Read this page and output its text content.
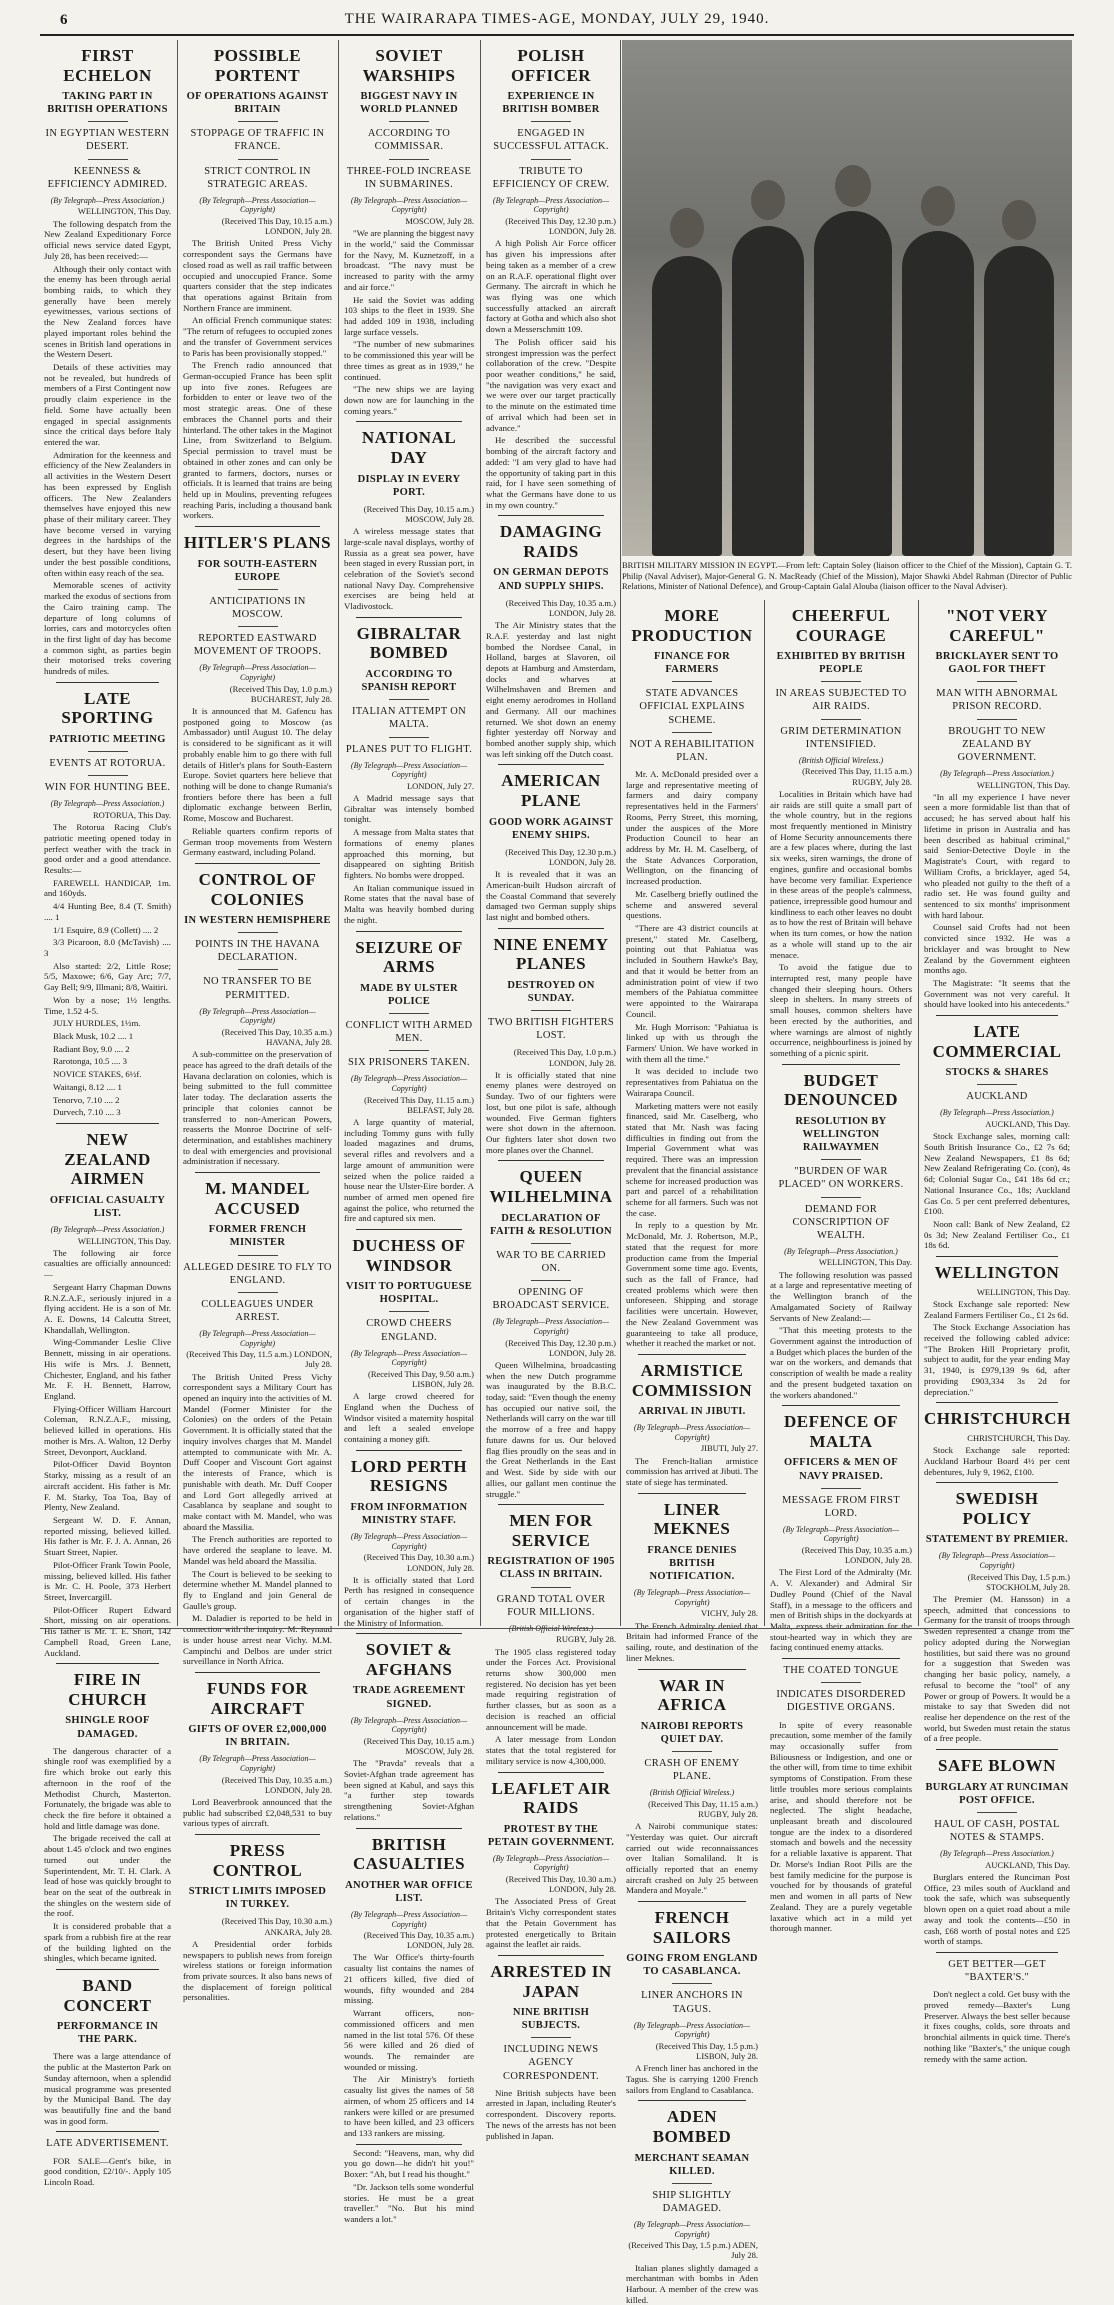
6	THE WAIRARAPA TIMES-AGE, MONDAY, JULY 29, 1940.
FIRST ECHELON
TAKING PART IN BRITISH OPERATIONS
IN EGYPTIAN WESTERN DESERT.
KEENNESS & EFFICIENCY ADMIRED.
(By Telegraph—Press Association.)
WELLINGTON, This Day.

The following despatch from the New Zealand Expeditionary Force official news service dated Egypt, July 28, has been received:—

Although their only contact with the enemy has been through aerial bombing raids, to which they generally have been merely eyewitnesses, various sections of the New Zealand forces have played important roles behind the scenes in British land operations in the Western Desert.

Details of these activities may not be revealed, but hundreds of members of a First Contingent now proudly claim experience in the field. Some have actually been engaged in special assignments since the critical days before Italy entered the war.

Admiration for the keenness and efficiency of the New Zealanders in all activities in the Western Desert has been expressed by English officers. The New Zealanders themselves have enjoyed this new phase of their military career. They have become versed in varying degrees in the hardships of the desert, but they have been living under the best possible conditions, often within easy reach of the sea.

Memorable scenes of activity marked the exodus of sections from the Cairo training camp. The departure of long columns of lorries, cars and motorcycles often in the first light of day has become a common sight, as parties begin their motorised treks covering hundreds of miles.

LATE SPORTING
PATRIOTIC MEETING
EVENTS AT ROTORUA.
WIN FOR HUNTING BEE.
(By Telegraph—Press Association.)
ROTORUA, This Day.

The Rotorua Racing Club's patriotic meeting opened today in perfect weather with the track in good order and a good attendance. Results:—

FAREWELL HANDICAP, 1m. and 160yds.

4/4 Hunting Bee, 8.4 (T. Smith) .... 1

1/1 Esquire, 8.9 (Collett) .... 2

3/3 Picaroon, 8.0 (McTavish) .... 3

Also started: 2/2, Little Rose; 5/5, Maxowe; 6/6, Gay Arc; 7/7, Gay Bell; 9/9, Illmani; 8/8, Waitiri.

Won by a nose; 1½ lengths. Time, 1.52 4-5.

JULY HURDLES, 1½m.

Black Musk, 10.2 .... 1

Radiant Boy, 9.0 .... 2

Rarotonga, 10.5 .... 3

NOVICE STAKES, 6½f.

Waitangi, 8.12 .... 1

Tenorvo, 7.10 .... 2

Durvech, 7.10 .... 3

NEW ZEALAND AIRMEN
OFFICIAL CASUALTY LIST.
(By Telegraph—Press Association.)
WELLINGTON, This Day.

The following air force casualties are officially announced:—

Sergeant Harry Chapman Downs R.N.Z.A.F., seriously injured in a flying accident. He is a son of Mr. A. E. Downs, 14 Calcutta Street, Khandallah, Wellington.

Wing-Commander Leslie Clive Bennett, missing in air operations. His wife is Mrs. J. Bennett, Chichester, England, and his father Mr. F. H. Bennett, Harrow, England.

Flying-Officer William Harcourt Coleman, R.N.Z.A.F., missing, believed killed in operations. His mother is Mrs. A. Walton, 12 Derby Street, Devonport, Auckland.

Pilot-Officer David Boynton Starky, missing as a result of an aircraft accident. His father is Mr. F. M. Starky, Toa Toa, Bay of Plenty, New Zealand.

Sergeant W. D. F. Annan, reported missing, believed killed. His father is Mr. F. J. A. Annan, 26 Stuart Street, Napier.

Pilot-Officer Frank Towin Poole, missing, believed killed. His father is Mr. C. H. Poole, 373 Herbert Street, Invercargill.

Pilot-Officer Rupert Edward Short, missing on air operations. His father is Mr. T. E. Short, 142 Campbell Road, Green Lane, Auckland.

FIRE IN CHURCH
SHINGLE ROOF DAMAGED.

The dangerous character of a shingle roof was exemplified by a fire which broke out early this afternoon in the roof of the Methodist Church, Masterton. Fortunately, the brigade was able to check the fire before it obtained a hold and little damage was done.

The brigade received the call at about 1.45 o'clock and two engines turned out under the Superintendent, Mr. T. H. Clark. A lead of hose was quickly brought to bear on the seat of the outbreak in the shingles on the western side of the roof.

It is considered probable that a spark from a rubbish fire at the rear of the building lighted on the shingles, which became ignited.

BAND CONCERT
PERFORMANCE IN THE PARK.

There was a large attendance of the public at the Masterton Park on Sunday afternoon, when a splendid musical programme was presented by the Municipal Band. The day was beautifully fine and the band was in good form.

LATE ADVERTISEMENT.

FOR SALE—Gent's bike, in good condition, £2/10/-. Apply 105 Lincoln Road.

POSSIBLE PORTENT
OF OPERATIONS AGAINST BRITAIN
STOPPAGE OF TRAFFIC IN FRANCE.
STRICT CONTROL IN STRATEGIC AREAS.
(By Telegraph—Press Association—Copyright)
(Received This Day, 10.15 a.m.) LONDON, July 28.

The British United Press Vichy correspondent says the Germans have closed road as well as rail traffic between occupied and unoccupied France. Some quarters consider that the step indicates that operations against Britain from Northern France are imminent.

An official French communique states: "The return of refugees to occupied zones and the transfer of Government services to Paris has been provisionally stopped."

The French radio announced that German-occupied France has been split up into five zones. Refugees are forbidden to enter or leave two of the most strategic areas. One of these embraces the Channel ports and their hinterland. The other takes in the Maginot Line, from Switzerland to Belgium. Special permission to travel must be obtained in other zones and can only be granted to farmers, doctors, nurses or officials. It is learned that trains are being held up in Moulins, preventing refugees reaching Paris, including a thousand bank workers.

HITLER'S PLANS
FOR SOUTH-EASTERN EUROPE
ANTICIPATIONS IN MOSCOW.
REPORTED EASTWARD MOVEMENT OF TROOPS.
(By Telegraph—Press Association—Copyright)
(Received This Day, 1.0 p.m.) BUCHAREST, July 28.

It is announced that M. Gafencu has postponed going to Moscow (as Ambassador) until August 10. The delay is considered to be significant as it will probably enable him to go there with full details of Hitler's plans for South-Eastern Europe. Soviet quarters here believe that nothing will be done to change Rumania's frontiers before there has been a full diplomatic exchange between Berlin, Rome, Moscow and Bucharest.

Reliable quarters confirm reports of German troop movements from Western Germany eastward, including Poland.

CONTROL OF COLONIES
IN WESTERN HEMISPHERE
POINTS IN THE HAVANA DECLARATION.
NO TRANSFER TO BE PERMITTED.
(By Telegraph—Press Association—Copyright)
(Received This Day, 10.35 a.m.) HAVANA, July 28.

A sub-committee on the preservation of peace has agreed to the draft details of the Havana declaration on colonies, which is being submitted to the full committee later today. The declaration asserts the principle that colonies cannot be transferred to non-American Powers, reasserts the Monroe Doctrine of self-determination, and establishes machinery to deal with emergencies and provisional administration if necessary.

M. MANDEL ACCUSED
FORMER FRENCH MINISTER
ALLEGED DESIRE TO FLY TO ENGLAND.
COLLEAGUES UNDER ARREST.
(By Telegraph—Press Association—Copyright)
(Received This Day, 11.5 a.m.) LONDON, July 28.

The British United Press Vichy correspondent says a Military Court has opened an inquiry into the activities of M. Mandel (Former Minister for the Colonies) on the orders of the Petain Government. It is officially stated that the inquiry involves charges that M. Mandel attempted to communicate with Mr. A. Duff Cooper and Viscount Gort against the interests of France, which is punishable with death. Mr. Duff Cooper and Lord Gort allegedly arrived at Casablanca by seaplane and sought to make contact with M. Mandel, who was aboard the Massilia.

The French authorities are reported to have ordered the seaplane to leave. M. Mandel was held aboard the Massilia.

The Court is believed to be seeking to determine whether M. Mandel planned to fly to England and join General de Gaulle's group.

M. Daladier is reported to be held in connection with the inquiry. M. Reynaud is under house arrest near Vichy. M.M. Campinchi and Delbos are under strict surveillance in North Africa.

FUNDS FOR AIRCRAFT
GIFTS OF OVER £2,000,000 IN BRITAIN.
(By Telegraph—Press Association—Copyright)
(Received This Day, 10.35 a.m.) LONDON, July 28.

Lord Beaverbrook announced that the public had subscribed £2,048,531 to buy various types of aircraft.

PRESS CONTROL
STRICT LIMITS IMPOSED IN TURKEY.
(Received This Day, 10.30 a.m.) ANKARA, July 28.

A Presidential order forbids newspapers to publish news from foreign wireless stations or foreign information from private sources. It also bans news of the displacement of foreign political personalities.

SOVIET WARSHIPS
BIGGEST NAVY IN WORLD PLANNED
ACCORDING TO COMMISSAR.
THREE-FOLD INCREASE IN SUBMARINES.
(By Telegraph—Press Association—Copyright)
MOSCOW, July 28.

"We are planning the biggest navy in the world," said the Commissar for the Navy, M. Kuznetzoff, in a broadcast. "The navy must be increased to parity with the army and air force."

He said the Soviet was adding 103 ships to the fleet in 1939. She had added 109 in 1938, including large surface vessels.

"The number of new submarines to be commissioned this year will be three times as great as in 1939," he continued.

"The new ships we are laying down now are for launching in the coming years."

NATIONAL DAY
DISPLAY IN EVERY PORT.
(Received This Day, 10.15 a.m.) MOSCOW, July 28.

A wireless message states that large-scale naval displays, worthy of Russia as a great sea power, have been staged in every Russian port, in celebration of the Soviet's second national Navy Day. Comprehensive exercises are being held at Vladivostock.

GIBRALTAR BOMBED
ACCORDING TO SPANISH REPORT
ITALIAN ATTEMPT ON MALTA.
PLANES PUT TO FLIGHT.
(By Telegraph—Press Association—Copyright)
LONDON, July 27.

A Madrid message says that Gibraltar was intensely bombed tonight.

A message from Malta states that formations of enemy planes approached this morning, but disappeared on sighting British fighters. No bombs were dropped.

An Italian communique issued in Rome states that the naval base of Malta was heavily bombed during the night.

SEIZURE OF ARMS
MADE BY ULSTER POLICE
CONFLICT WITH ARMED MEN.
SIX PRISONERS TAKEN.
(By Telegraph—Press Association—Copyright)
(Received This Day, 11.15 a.m.) BELFAST, July 28.

A large quantity of material, including Tommy guns with fully loaded magazines and drums, several rifles and revolvers and a large amount of ammunition were seized when the police raided a house near the Ulster-Eire border. A number of armed men opened fire against the police, who returned the fire and captured six men.

DUCHESS OF WINDSOR
VISIT TO PORTUGUESE HOSPITAL.
CROWD CHEERS ENGLAND.
(By Telegraph—Press Association—Copyright)
(Received This Day, 9.50 a.m.) LISBON, July 28.

A large crowd cheered for England when the Duchess of Windsor visited a maternity hospital and left a sealed envelope containing a money gift.

LORD PERTH RESIGNS
FROM INFORMATION MINISTRY STAFF.
(By Telegraph—Press Association—Copyright)
(Received This Day, 10.30 a.m.) LONDON, July 28.

It is officially stated that Lord Perth has resigned in consequence of certain changes in the organisation of the higher staff of the Ministry of Information.

SOVIET & AFGHANS
TRADE AGREEMENT SIGNED.
(By Telegraph—Press Association—Copyright)
(Received This Day, 10.15 a.m.) MOSCOW, July 28.

The "Pravda" reveals that a Soviet-Afghan trade agreement has been signed at Kabul, and says this "a further step towards strengthening Soviet-Afghan relations."

BRITISH CASUALTIES
ANOTHER WAR OFFICE LIST.
(By Telegraph—Press Association—Copyright)
(Received This Day, 10.35 a.m.) LONDON, July 28.

The War Office's thirty-fourth casualty list contains the names of 21 officers killed, five died of wounds, fifty wounded and 284 missing.

Warrant officers, non-commissioned officers and men named in the list total 576. Of these 56 were killed and 26 died of wounds. The remainder are wounded or missing.

The Air Ministry's fortieth casualty list gives the names of 58 airmen, of whom 25 officers and 14 rankers were killed or are presumed to have been killed, and 23 officers and 133 rankers are missing.

Second: "Heavens, man, why did you go down—he didn't hit you!" Boxer: "Ah, but I read his thought."

"Dr. Jackson tells some wonderful stories. He must be a great traveller." "No. But his mind wanders a lot."

POLISH OFFICER
EXPERIENCE IN BRITISH BOMBER
ENGAGED IN SUCCESSFUL ATTACK.
TRIBUTE TO EFFICIENCY OF CREW.
(By Telegraph—Press Association—Copyright)
(Received This Day, 12.30 p.m.) LONDON, July 28.

A high Polish Air Force officer has given his impressions after being taken as a member of a crew on an R.A.F. operational flight over Germany. The aircraft in which he was flying was one which successfully attacked an aircraft factory at Gotha and which also shot down a Messerschmitt 109.

The Polish officer said his strongest impression was the perfect collaboration of the crew. "Despite poor weather conditions," he said, "the navigation was very exact and we were over our target practically to the minute on the estimated time of arrival which had been set in advance."

He described the successful bombing of the aircraft factory and added: "I am very glad to have had the opportunity of taking part in this raid, for I have seen something of what the Germans have done to us in my own country."

DAMAGING RAIDS
ON GERMAN DEPOTS AND SUPPLY SHIPS.
(Received This Day, 10.35 a.m.) LONDON, July 28.

The Air Ministry states that the R.A.F. yesterday and last night bombed the Nordsee Canal, in Holland, barges at Slavoren, oil depots at Hamburg and Amsterdam, docks and wharves at Wilhelmshaven and Bremen and eight enemy aerodromes in Holland and Germany. All our machines returned. We shot down an enemy fighter yesterday off Norway and bombed another supply ship, which was left sinking off the Dutch coast.

AMERICAN PLANE
GOOD WORK AGAINST ENEMY SHIPS.
(Received This Day, 12.30 p.m.) LONDON, July 28.

It is revealed that it was an American-built Hudson aircraft of the Coastal Command that severely damaged two German supply ships last night and bombed others.

NINE ENEMY PLANES
DESTROYED ON SUNDAY.
TWO BRITISH FIGHTERS LOST.
(Received This Day, 1.0 p.m.) LONDON, July 28.

It is officially stated that nine enemy planes were destroyed on Sunday. Two of our fighters were lost, but one pilot is safe, although wounded. Five German fighters were shot down in the afternoon. Our fighters later shot down two more planes over the Channel.

QUEEN WILHELMINA
DECLARATION OF FAITH & RESOLUTION
WAR TO BE CARRIED ON.
OPENING OF BROADCAST SERVICE.
(By Telegraph—Press Association—Copyright)
(Received This Day, 12.30 p.m.) LONDON, July 28.

Queen Wilhelmina, broadcasting when the new Dutch programme was inaugurated by the B.B.C. today, said: "Even though the enemy has occupied our native soil, the Netherlands will carry on the war till the morrow of a free and happy future dawns for us. Our beloved flag flies proudly on the seas and in the Great Netherlands in the East and West. Side by side with our allies, our gallant men continue the struggle."

MEN FOR SERVICE
REGISTRATION OF 1905 CLASS IN BRITAIN.
GRAND TOTAL OVER FOUR MILLIONS.
(British Official Wireless.)
RUGBY, July 28.

The 1905 class registered today under the Forces Act. Provisional returns show 300,000 men registered. No decision has yet been made requiring registration of further classes, but as soon as a decision is reached an official announcement will be made.

A later message from London states that the total registered for military service is now 4,300,000.

LEAFLET AIR RAIDS
PROTEST BY THE PETAIN GOVERNMENT.
(By Telegraph—Press Association—Copyright)
(Received This Day, 10.30 a.m.) LONDON, July 28.

The Associated Press of Great Britain's Vichy correspondent states that the Petain Government has protested energetically to Britain against the leaflet air raids.

ARRESTED IN JAPAN
NINE BRITISH SUBJECTS.
INCLUDING NEWS AGENCY CORRESPONDENT.

Nine British subjects have been arrested in Japan, including Reuter's correspondent. Discovery reports. The news of the arrests has not been published in Japan.

BRITISH MILITARY MISSION IN EGYPT.—From left: Captain Soley (liaison officer to the Chief of the Mission), Captain G. T. Philip (Naval Adviser), Major-General G. N. MacReady (Chief of the Mission), Major Shawki Abdel Rahman (Director of Public Relations, Minister of National Defence), and Group-Captain Galal Alouba (liaison officer to the Naval Adviser).
MORE PRODUCTION
FINANCE FOR FARMERS
STATE ADVANCES OFFICIAL EXPLAINS SCHEME.
NOT A REHABILITATION PLAN.

Mr. A. McDonald presided over a large and representative meeting of farmers and dairy company representatives held in the Farmers' Rooms, Perry Street, this morning, under the auspices of the More Production Council to hear an address by Mr. H. M. Caselberg, of the State Advances Corporation, Wellington, on the financing of increased production.

Mr. Caselberg briefly outlined the scheme and answered several questions.

"There are 43 district councils at present," stated Mr. Caselberg, pointing out that Pahiatua was included in Southern Hawke's Bay, and that it would be better from an administration point of view if two members of the Pahiatua committee were appointed to the Wairarapa Council.

Mr. Hugh Morrison: "Pahiatua is linked up with us through the Farmers' Union. We have worked in with them all the time."

It was decided to include two representatives from Pahiatua on the Wairarapa Council.

Marketing matters were not easily financed, said Mr. Caselberg, who stated that Mr. Nash was facing difficulties in finding out from the Imperial Government what was required. There was an impression prevalent that the financial assistance scheme for increased production was part and parcel of a rehabilitation scheme for all farmers. Such was not the case.

In reply to a question by Mr. McDonald, Mr. J. Robertson, M.P., stated that the request for more production came from the Imperial Government some time ago. Events, such as the fall of France, had created problems which were then unforeseen. Shipping and storage facilities were uncertain. However, the New Zealand Government was guaranteeing to take all produce, whether it reached the market or not.

ARMISTICE COMMISSION
ARRIVAL IN JIBUTI.
(By Telegraph—Press Association—Copyright)
JIBUTI, July 27.

The French-Italian armistice commission has arrived at Jibuti. The state of siege has terminated.

LINER MEKNES
FRANCE DENIES BRITISH NOTIFICATION.
(By Telegraph—Press Association—Copyright)
VICHY, July 28.

The French Admiralty denied that Britain had informed France of the sailing, route, and destination of the liner Meknes.

WAR IN AFRICA
NAIROBI REPORTS QUIET DAY.
CRASH OF ENEMY PLANE.
(British Official Wireless.)
(Received This Day, 11.15 a.m.) RUGBY, July 28.

A Nairobi communique states: "Yesterday was quiet. Our aircraft carried out wide reconnaissances over Italian Somaliland. It is officially reported that an enemy aircraft crashed on July 25 between Mandera and Moyale."

FRENCH SAILORS
GOING FROM ENGLAND TO CASABLANCA.
LINER ANCHORS IN TAGUS.
(By Telegraph—Press Association—Copyright)
(Received This Day, 1.5 p.m.) LISBON, July 28.

A French liner has anchored in the Tagus. She is carrying 1200 French sailors from England to Casablanca.

ADEN BOMBED
MERCHANT SEAMAN KILLED.
SHIP SLIGHTLY DAMAGED.
(By Telegraph—Press Association—Copyright)
(Received This Day, 1.5 p.m.) ADEN, July 28.

Italian planes slightly damaged a merchantman with bombs in Aden Harbour. A member of the crew was killed.

CHEERFUL COURAGE
EXHIBITED BY BRITISH PEOPLE
IN AREAS SUBJECTED TO AIR RAIDS.
GRIM DETERMINATION INTENSIFIED.
(British Official Wireless.)
(Received This Day, 11.15 a.m.) RUGBY, July 28.

Localities in Britain which have had air raids are still quite a small part of the whole country, but in the regions most frequently mentioned in Ministry of Home Security announcements there are a few places where, during the last six weeks, siren warnings, the drone of engines, gunfire and occasional bombs have become very familiar. Experience in these areas of the people's calmness, patience, irrepressible good humour and kindliness to each other leaves no doubt as to how the rest of Britain will behave when its turn comes, or how the nation as a whole will stand up to the air menace.

To avoid the fatigue due to interrupted rest, many people have changed their sleeping hours. Others sleep in shelters. In many streets of small houses, common shelters have been erected by the authorities, and where warnings are almost of nightly occurrence, neighbourliness is joined by something of a picnic spirit.

BUDGET DENOUNCED
RESOLUTION BY WELLINGTON RAILWAYMEN
"BURDEN OF WAR PLACED" ON WORKERS.
DEMAND FOR CONSCRIPTION OF WEALTH.
(By Telegraph—Press Association.)
WELLINGTON, This Day.

The following resolution was passed at a large and representative meeting of the Wellington branch of the Amalgamated Society of Railway Servants of New Zealand:—

"That this meeting protests to the Government against the introduction of a Budget which places the burden of the war on the workers, and demands that conscription of wealth be made a reality and the present budgeted taxation on the workers abandoned."

DEFENCE OF MALTA
OFFICERS & MEN OF NAVY PRAISED.
MESSAGE FROM FIRST LORD.
(By Telegraph—Press Association—Copyright)
(Received This Day, 10.35 a.m.) LONDON, July 28.

The First Lord of the Admiralty (Mr. A. V. Alexander) and Admiral Sir Dudley Pound (Chief of the Naval Staff), in a message to the officers and men of British ships in the dockyards at Malta, express their admiration for the stout-hearted way in which they are facing continued enemy attacks.

THE COATED TONGUE
INDICATES DISORDERED DIGESTIVE ORGANS.

In spite of every reasonable precaution, some member of the family may occasionally suffer from Biliousness or Indigestion, and one or the other will, from time to time exhibit symptoms of Constipation. From these little troubles more serious complaints arise, and should therefore not be neglected. The slight headache, unpleasant breath and discoloured tongue are the index to a disordered stomach and bowels and the necessity for a reliable laxative is apparent. That Dr. Morse's Indian Root Pills are the best family medicine for the purpose is vouched for by thousands of grateful men and women in all parts of New Zealand. They are a purely vegetable laxative which act in a mild yet thorough manner.

"NOT VERY CAREFUL"
BRICKLAYER SENT TO GAOL FOR THEFT
MAN WITH ABNORMAL PRISON RECORD.
BROUGHT TO NEW ZEALAND BY GOVERNMENT.
(By Telegraph—Press Association.)
WELLINGTON, This Day.

"In all my experience I have never seen a more formidable list than that of accused; he has served about half his lifetime in prison in Australia and has been described as habitual criminal," said Senior-Detective Doyle in the Magistrate's Court, with regard to William Crofts, a bricklayer, aged 54, who pleaded not guilty to the theft of a radio set. He was found guilty and sentenced to six months' imprisonment with hard labour.

Counsel said Crofts had not been convicted since 1932. He was a bricklayer and was brought to New Zealand by the Government eighteen months ago.

The Magistrate: "It seems that the Government was not very careful. It should have looked into his antecedents."

LATE COMMERCIAL
STOCKS & SHARES
AUCKLAND
(By Telegraph—Press Association.)
AUCKLAND, This Day.

Stock Exchange sales, morning call: South British Insurance Co., £2 7s 6d; New Zealand Newspapers, £1 8s 6d; New Zealand Refrigerating Co. (con), 4s 6d; Colonial Sugar Co., £41 18s 6d cr.; National Insurance Co., 18s; Auckland Gas Co. 5 per cent preferred debentures, £100.

Noon call: Bank of New Zealand, £2 0s 3d; New Zealand Fertiliser Co., £1 18s 6d.

WELLINGTON
WELLINGTON, This Day.

Stock Exchange sale reported: New Zealand Farmers Fertiliser Co., £1 2s 6d.

The Stock Exchange Association has received the following cabled advice: "The Broken Hill Proprietary profit, subject to audit, for the year ending May 31, 1940, is £979,139 9s 6d, after providing £903,334 3s 2d for depreciation."

CHRISTCHURCH
CHRISTCHURCH, This Day.

Stock Exchange sale reported: Auckland Harbour Board 4½ per cent debentures, July 9, 1962, £100.

SWEDISH POLICY
STATEMENT BY PREMIER.
(By Telegraph—Press Association—Copyright)
(Received This Day, 1.5 p.m.) STOCKHOLM, July 28.

The Premier (M. Hansson) in a speech, admitted that concessions to Germany for the transit of troops through Sweden represented a change from the policy adopted during the Norwegian hostilities, but said there was no ground for a suggestion that Sweden was changing her basic policy, namely, a refusal to become the "tool" of any Power or group of Powers. It would be a mistake to say that Sweden did not realise her dependence on the rest of the world, but Sweden must retain the status of a free people.

SAFE BLOWN
BURGLARY AT RUNCIMAN POST OFFICE.
HAUL OF CASH, POSTAL NOTES & STAMPS.
(By Telegraph—Press Association.)
AUCKLAND, This Day.

Burglars entered the Runciman Post Office, 23 miles south of Auckland and took the safe, which was subsequently blown open on a quiet road about a mile away and took the contents—£50 in cash, £68 worth of postal notes and £25 worth of stamps.

GET BETTER—GET "BAXTER'S."

Don't neglect a cold. Get busy with the proved remedy—Baxter's Lung Preserver. Always the best seller because it fixes coughs, colds, sore throats and bronchial ailments in quick time. There's nothing like "Baxter's," the unique cough remedy with the same action.
